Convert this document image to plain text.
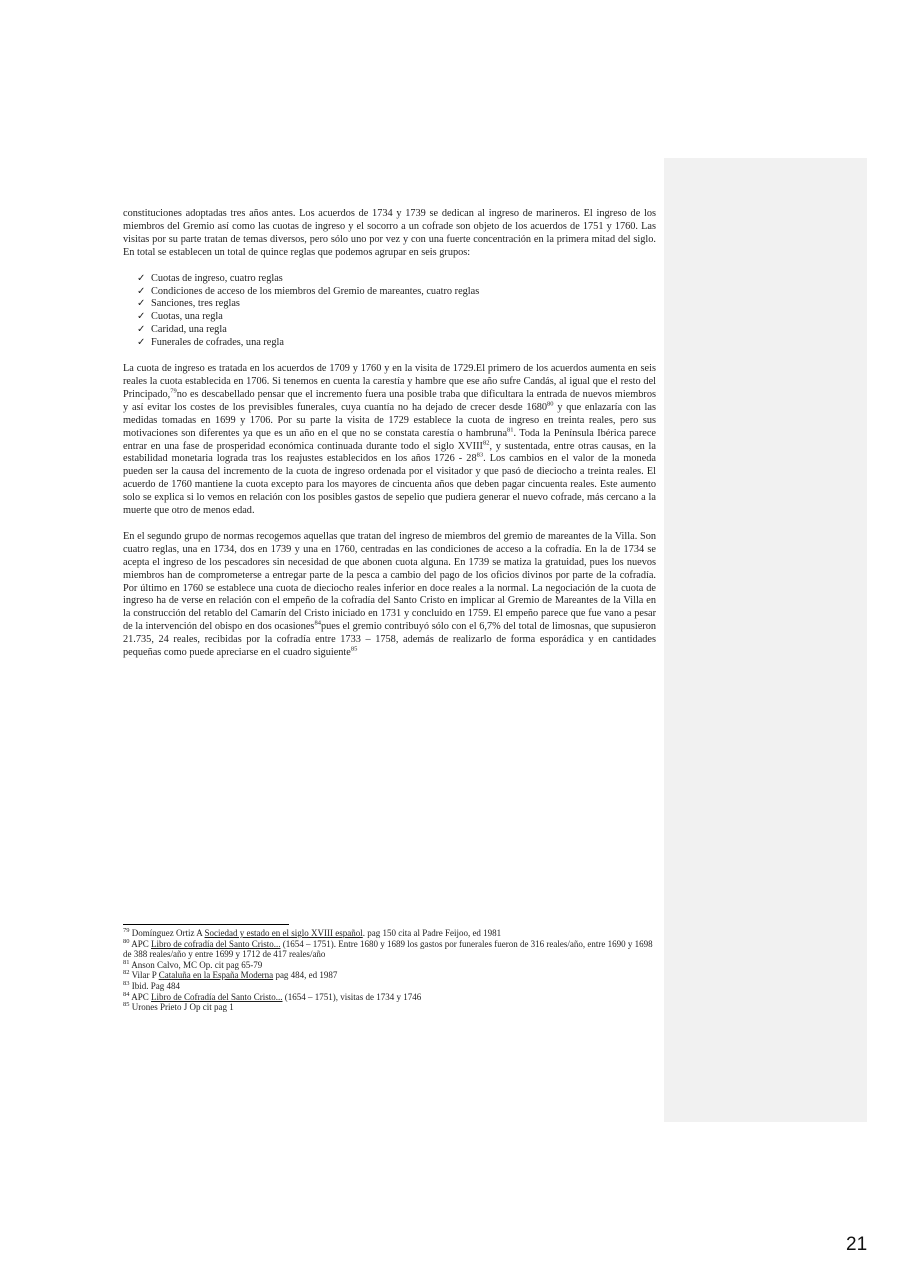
constituciones adoptadas tres años antes. Los acuerdos de 1734 y 1739 se dedican al ingreso de marineros. El ingreso de los miembros del Gremio así como las cuotas de ingreso y el socorro a un cofrade son objeto de los acuerdos de 1751 y 1760. Las visitas por su parte tratan de temas diversos, pero sólo uno por vez y con una fuerte concentración en la primera mitad del siglo. En total se establecen un total de quince reglas que podemos agrupar en seis grupos:

✓ Cuotas de ingreso, cuatro reglas
✓ Condiciones de acceso de los miembros del Gremio de mareantes, cuatro reglas
✓ Sanciones, tres reglas
✓ Cuotas, una regla
✓ Caridad, una regla
✓ Funerales de cofrades, una regla

La cuota de ingreso es tratada en los acuerdos de 1709 y 1760 y en la visita de 1729.El primero de los acuerdos aumenta en seis reales la cuota establecida en 1706. Si tenemos en cuenta la carestía y hambre que ese año sufre Candás, al igual que el resto del Principado,$^{79}$no es descabellado pensar que el incremento fuera una posible traba que dificultara la entrada de nuevos miembros y así evitar los costes de los previsibles funerales, cuya cuantía no ha dejado de crecer desde 1680$^{80}$ y que enlazaría con las medidas tomadas en 1699 y 1706. Por su parte la visita de 1729 establece la cuota de ingreso en treinta reales, pero sus motivaciones son diferentes ya que es un año en el que no se constata carestía o hambruna$^{81}$. Toda la Península Ibérica parece entrar en una fase de prosperidad económica continuada durante todo el siglo XVIII$^{82}$, y sustentada, entre otras causas, en la estabilidad monetaria lograda tras los reajustes establecidos en los años $1726 - 28^{83}$. Los cambios en el valor de la moneda pueden ser la causa del incremento de la cuota de ingreso ordenada por el visitador y que pasó de dieciocho a treinta reales. El acuerdo de 1760 mantiene la cuota excepto para los mayores de cincuenta años que deben pagar cincuenta reales. Este aumento solo se explica si lo vemos en relación con los posibles gastos de sepelio que pudiera generar el nuevo cofrade, más cercano a la muerte que otro de menos edad.

En el segundo grupo de normas recogemos aquellas que tratan del ingreso de miembros del gremio de mareantes de la Villa. Son cuatro reglas, una en 1734, dos en 1739 y una en 1760, centradas en las condiciones de acceso a la cofradía. En la de 1734 se acepta el ingreso de los pescadores sin necesidad de que abonen cuota alguna. En 1739 se matiza la gratuidad, pues los nuevos miembros han de comprometerse a entregar parte de la pesca a cambio del pago de los oficios divinos por parte de la cofradía. Por último en 1760 se establece una cuota de dieciocho reales inferior en doce reales a la normal. La negociación de la cuota de ingreso ha de verse en relación con el empeño de la cofradía del Santo Cristo en implicar al Gremio de Mareantes de la Villa en la construcción del retablo del Camarín del Cristo iniciado en 1731 y concluido en 1759. El empeño parece que fue vano a pesar de la intervención del obispo en dos ocasiones$^{84}$pues el gremio contribuyó sólo con el 6,7% del total de limosnas, que supusieron 21.735, 24 reales, recibidas por la cofradía entre 1733 – 1758, además de realizarlo de forma esporádica y en cantidades pequeñas como puede apreciarse en el cuadro siguiente$^{85}$

$^{79}$ Domínguez Ortiz A Sociedad y estado en el siglo XVIII español. pag 150 cita al Padre Feijoo, ed 1981

$^{80}$ APC Libro de cofradía del Santo Cristo... (1654 – 1751). Entre 1680 y 1689 los gastos por funerales fueron de 316 reales/año, entre 1690 y 1698 de 388 reales/año y entre 1699 y 1712 de 417 reales/año

$^{81}$ Anson Calvo, MC Op. cit pag 65-79

$^{82}$ Vilar P Cataluña en la España Moderna pag 484, ed 1987

$^{83}$ Ibid. Pag 484

$^{84}$ APC Libro de Cofradía del Santo Cristo... (1654 – 1751), visitas de 1734 y 1746

$^{85}$ Urones Prieto J Op cit pag 1

21
